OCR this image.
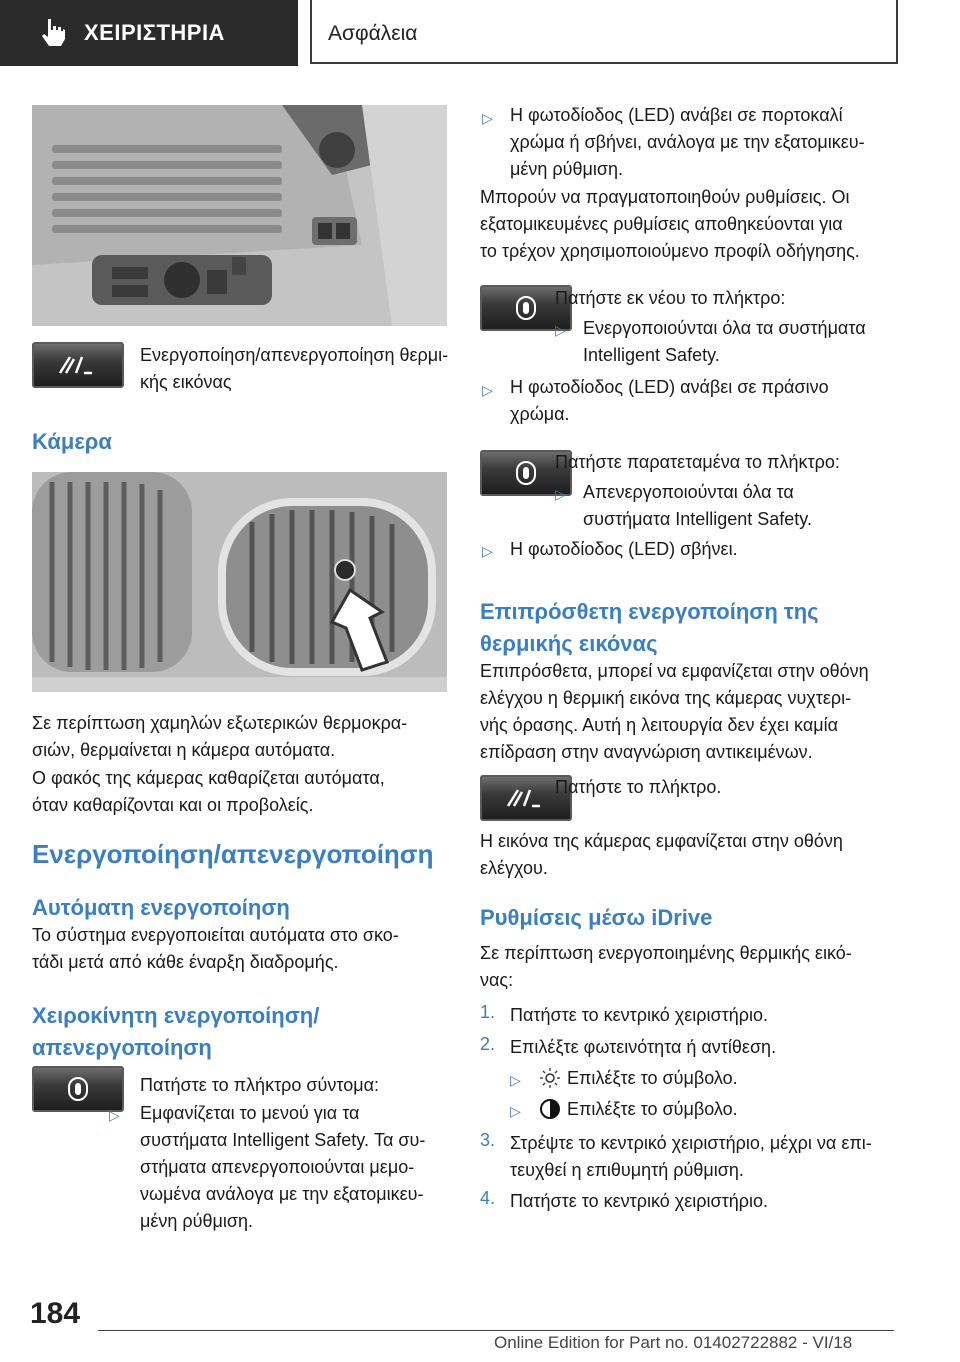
ΧΕΙΡΙΣΤΗΡΙΑ	Ασφάλεια

Ενεργοποίηση/απενεργοποίηση θερμι-
κής εικόνας

Κάμερα

Σε περίπτωση χαμηλών εξωτερικών θερμοκρα-
σιών, θερμαίνεται η κάμερα αυτόματα.

Ο φακός της κάμερας καθαρίζεται αυτόματα,
όταν καθαρίζονται και οι προβολείς.

Ενεργοποίηση/απενεργοποίηση
Αυτόματη ενεργοποίηση

Το σύστημα ενεργοποιείται αυτόματα στο σκο-
τάδι μετά από κάθε έναρξη διαδρομής.

Χειροκίνητη ενεργοποίηση/
απενεργοποίηση

Πατήστε το πλήκτρο σύντομα:

▷ Εμφανίζεται το μενού για τα
συστήματα Intelligent Safety. Τα συ-
στήματα απενεργοποιούνται μεμο-
νωμένα ανάλογα με την εξατομικευ-
μένη ρύθμιση.

▷ Η φωτοδίοδος (LED) ανάβει σε πορτοκαλί
χρώμα ή σβήνει, ανάλογα με την εξατομικευ-
μένη ρύθμιση.

Μπορούν να πραγματοποιηθούν ρυθμίσεις. Οι
εξατομικευμένες ρυθμίσεις αποθηκεύονται για
το τρέχον χρησιμοποιούμενο προφίλ οδήγησης.

Πατήστε εκ νέου το πλήκτρο:

▷ Ενεργοποιούνται όλα τα συστήματα
Intelligent Safety.

▷ Η φωτοδίοδος (LED) ανάβει σε πράσινο
χρώμα.

Πατήστε παρατεταμένα το πλήκτρο:

▷ Απενεργοποιούνται όλα τα
συστήματα Intelligent Safety.

▷ Η φωτοδίοδος (LED) σβήνει.

Επιπρόσθετη ενεργοποίηση της
θερμικής εικόνας

Επιπρόσθετα, μπορεί να εμφανίζεται στην οθόνη
ελέγχου η θερμική εικόνα της κάμερας νυχτερι-
νής όρασης. Αυτή η λειτουργία δεν έχει καμία
επίδραση στην αναγνώριση αντικειμένων.

Πατήστε το πλήκτρο.

Η εικόνα της κάμερας εμφανίζεται στην οθόνη
ελέγχου.

Ρυθμίσεις μέσω iDrive

Σε περίπτωση ενεργοποιημένης θερμικής εικό-
νας:

1. Πατήστε το κεντρικό χειριστήριο.

2. Επιλέξτε φωτεινότητα ή αντίθεση.

▷	Επιλέξτε το σύμβολο.

▷	Επιλέξτε το σύμβολο.

3. Στρέψτε το κεντρικό χειριστήριο, μέχρι να επι-
τευχθεί η επιθυμητή ρύθμιση.

4. Πατήστε το κεντρικό χειριστήριο.

184
Online Edition for Part no. 01402722882 - VI/18
